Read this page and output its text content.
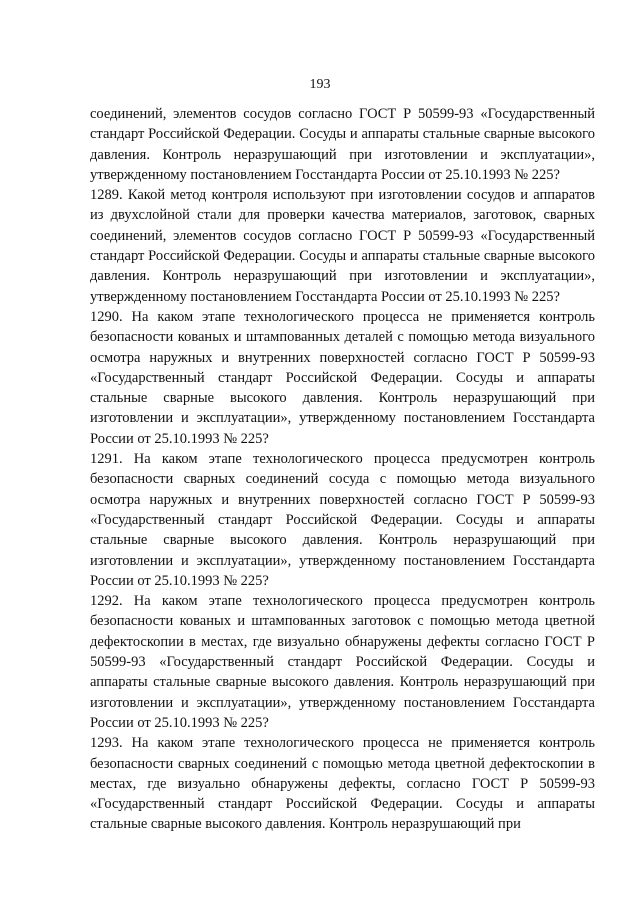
193

соединений, элементов сосудов согласно ГОСТ Р 50599-93 «Государственный стандарт Российской Федерации. Сосуды и аппараты стальные сварные высокого давления. Контроль неразрушающий при изготовлении и эксплуатации», утвержденному постановлением Госстандарта России от 25.10.1993 № 225?

1289. Какой метод контроля используют при изготовлении сосудов и аппаратов из двухслойной стали для проверки качества материалов, заготовок, сварных соединений, элементов сосудов согласно ГОСТ Р 50599-93 «Государственный стандарт Российской Федерации. Сосуды и аппараты стальные сварные высокого давления. Контроль неразрушающий при изготовлении и эксплуатации», утвержденному постановлением Госстандарта России от 25.10.1993 № 225?

1290. На каком этапе технологического процесса не применяется контроль безопасности кованых и штампованных деталей с помощью метода визуального осмотра наружных и внутренних поверхностей согласно ГОСТ Р 50599-93 «Государственный стандарт Российской Федерации. Сосуды и аппараты стальные сварные высокого давления. Контроль неразрушающий при изготовлении и эксплуатации», утвержденному постановлением Госстандарта России от 25.10.1993 № 225?

1291. На каком этапе технологического процесса предусмотрен контроль безопасности сварных соединений сосуда с помощью метода визуального осмотра наружных и внутренних поверхностей согласно ГОСТ Р 50599-93 «Государственный стандарт Российской Федерации. Сосуды и аппараты стальные сварные высокого давления. Контроль неразрушающий при изготовлении и эксплуатации», утвержденному постановлением Госстандарта России от 25.10.1993 № 225?

1292. На каком этапе технологического процесса предусмотрен контроль безопасности кованых и штампованных заготовок с помощью метода цветной дефектоскопии в местах, где визуально обнаружены дефекты согласно ГОСТ Р 50599-93 «Государственный стандарт Российской Федерации. Сосуды и аппараты стальные сварные высокого давления. Контроль неразрушающий при изготовлении и эксплуатации», утвержденному постановлением Госстандарта России от 25.10.1993 № 225?

1293. На каком этапе технологического процесса не применяется контроль безопасности сварных соединений с помощью метода цветной дефектоскопии в местах, где визуально обнаружены дефекты, согласно ГОСТ Р 50599-93 «Государственный стандарт Российской Федерации. Сосуды и аппараты стальные сварные высокого давления. Контроль неразрушающий при
